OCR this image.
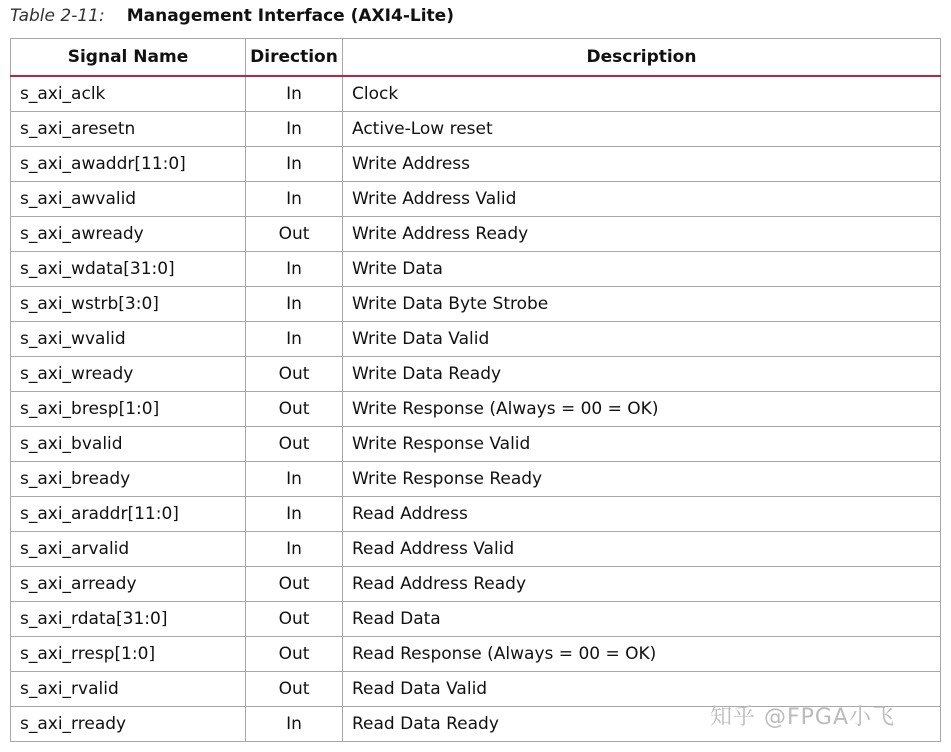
Table 2-11: Management Interface (AXI4-Lite)
Signal Name	Direction	Description
s_axi_aclk	In	Clock
s_axi_aresetn	In	Active-Low reset
s_axi_awaddr[11:0]	In	Write Address
s_axi_awvalid	In	Write Address Valid
s_axi_awready	Out	Write Address Ready
s_axi_wdata[31:0]	In	Write Data
s_axi_wstrb[3:0]	In	Write Data Byte Strobe
s_axi_wvalid	In	Write Data Valid
s_axi_wready	Out	Write Data Ready
s_axi_bresp[1:0]	Out	Write Response (Always = 00 = OK)
s_axi_bvalid	Out	Write Response Valid
s_axi_bready	In	Write Response Ready
s_axi_araddr[11:0]	In	Read Address
s_axi_arvalid	In	Read Address Valid
s_axi_arready	Out	Read Address Ready
s_axi_rdata[31:0]	Out	Read Data
s_axi_rresp[1:0]	Out	Read Response (Always = 00 = OK)
s_axi_rvalid	Out	Read Data Valid
s_axi_rready	In	Read Data Ready	知乎 @FPGA小飞
